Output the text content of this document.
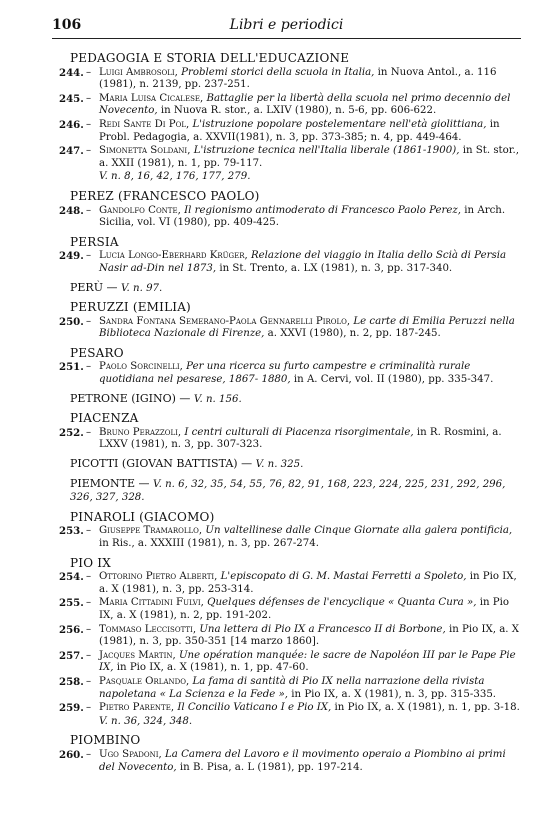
106	Libri e periodici
PEDAGOGIA E STORIA DELL'EDUCAZIONE
244. – Luigi Ambrosoli, Problemi storici della scuola in Italia, in Nuova Antol., a. 116 (1981), n. 2139, pp. 237-251.
245. – Maria Luisa Cicalese, Battaglie per la libertà della scuola nel primo decennio del Novecento, in Nuova R. stor., a. LXIV (1980), n. 5-6, pp. 606-622.
246. – Redi Sante Di Pol, L'istruzione popolare postelementare nell'età giolittiana, in Probl. Pedagogia, a. XXVII(1981), n. 3, pp. 373-385; n. 4, pp. 449-464.
247. – Simonetta Soldani, L'istruzione tecnica nell'Italia liberale (1861-1900), in St. stor., a. XXII (1981), n. 1, pp. 79-117.
V. n. 8, 16, 42, 176, 177, 279.
PEREZ (FRANCESCO PAOLO)
248. – Gandolfo Conte, Il regionismo antimoderato di Francesco Paolo Perez, in Arch. Sicilia, vol. VI (1980), pp. 409-425.
PERSIA
249. – Lucia Longo-Eberhard Krüger, Relazione del viaggio in Italia dello Scià di Persia Nasir ad-Din nel 1873, in St. Trento, a. LX (1981), n. 3, pp. 317-340.
PERÙ — V. n. 97.
PERUZZI (EMILIA)
250. – Sandra Fontana Semerano-Paola Gennarelli Pirolo, Le carte di Emilia Peruzzi nella Biblioteca Nazionale di Firenze, a. XXVI (1980), n. 2, pp. 187-245.
PESARO
251. – Paolo Sorcinelli, Per una ricerca su furto campestre e criminalità rurale quotidiana nel pesarese, 1867- 1880, in A. Cervi, vol. II (1980), pp. 335-347.
PETRONE (IGINO) — V. n. 156.
PIACENZA
252. – Bruno Perazzoli, I centri culturali di Piacenza risorgimentale, in R. Rosmini, a. LXXV (1981), n. 3, pp. 307-323.
PICOTTI (GIOVAN BATTISTA) — V. n. 325.
PIEMONTE — V. n. 6, 32, 35, 54, 55, 76, 82, 91, 168, 223, 224, 225, 231, 292, 296, 326, 327, 328.
PINAROLI (GIACOMO)
253. – Giuseppe Tramarollo, Un valtellinese dalle Cinque Giornate alla galera pontificia, in Ris., a. XXXIII (1981), n. 3, pp. 267-274.
PIO IX
254. – Ottorino Pietro Alberti, L'episcopato di G. M. Mastai Ferretti a Spoleto, in Pio IX, a. X (1981), n. 3, pp. 253-314.
255. – Maria Cittadini Fulvi, Quelques défenses de l'encyclique « Quanta Cura », in Pio IX, a. X (1981), n. 2, pp. 191-202.
256. – Tommaso Leccisotti, Una lettera di Pio IX a Francesco II di Borbone, in Pio IX, a. X (1981), n. 3, pp. 350-351 [14 marzo 1860].
257. – Jacques Martin, Une opération manquée: le sacre de Napoléon III par le Pape Pie IX, in Pio IX, a. X (1981), n. 1, pp. 47-60.
258. – Pasquale Orlando, La fama di santità di Pio IX nella narrazione della rivista napoletana « La Scienza e la Fede », in Pio IX, a. X (1981), n. 3, pp. 315-335.
259. – Pietro Parente, Il Concilio Vaticano I e Pio IX, in Pio IX, a. X (1981), n. 1, pp. 3-18.
V. n. 36, 324, 348.
PIOMBINO
260. – Ugo Spadoni, La Camera del Lavoro e il movimento operaio a Piombino ai primi del Novecento, in B. Pisa, a. L (1981), pp. 197-214.
